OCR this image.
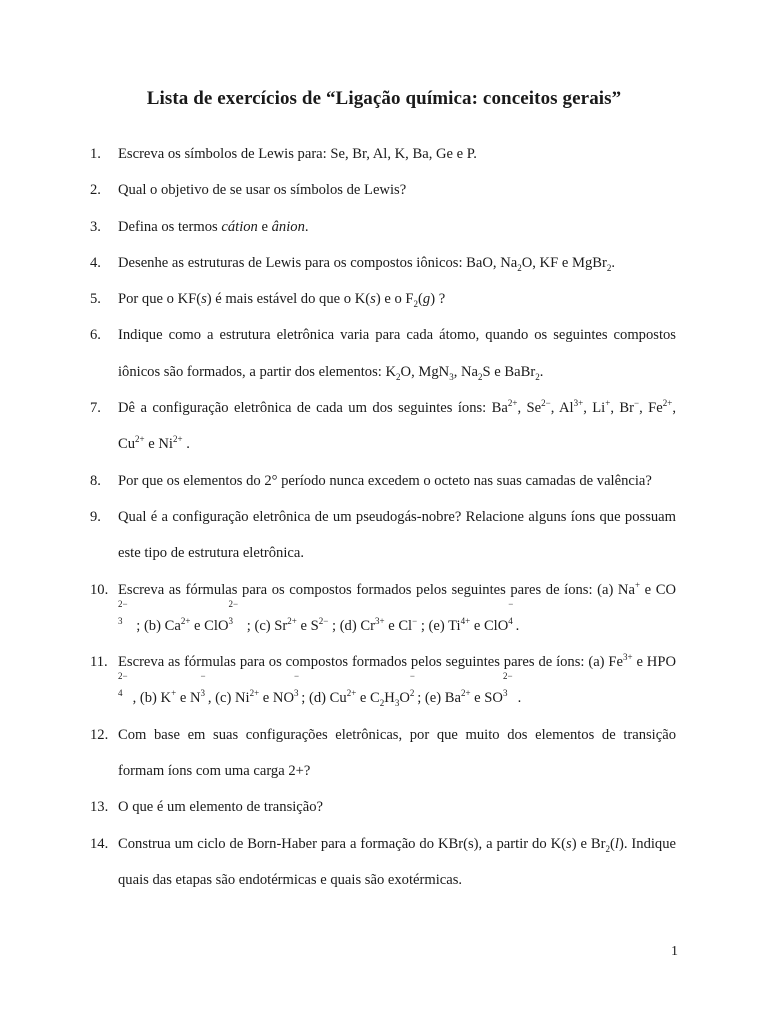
Lista de exercícios de “Ligação química: conceitos gerais”
1.	Escreva os símbolos de Lewis para: Se, Br, Al, K, Ba, Ge e P.
2.	Qual o objetivo de se usar os símbolos de Lewis?
3.	Defina os termos cátion e ânion.
4.	Desenhe as estruturas de Lewis para os compostos iônicos: BaO, $Na_2O$, KF e MgBr$_2$.
5.	Por que o KF(s) é mais estável do que o K(s) e o $F_2(g)$ ?
6.	Indique como a estrutura eletrônica varia para cada átomo, quando os seguintes compostos iônicos são formados, a partir dos elementos: $K_2O$, MgN$_3$, $Na_2S$ e BaBr$_2$.
7.	Dê a configuração eletrônica de cada um dos seguintes íons: $Ba^{2+}$, $Se^{2-}$, $Al^{3+}$, Li+, Br−, $Fe^{2+}$, $Cu^{2+}$ e $Ni^{2+}$ .
8.	Por que os elementos do 2° período nunca excedem o octeto nas suas camadas de valência?
9.	Qual é a configuração eletrônica de um pseudogás-nobre? Relacione alguns íons que possuam este tipo de estrutura eletrônica.
10. Escreva as fórmulas para os compostos formados pelos seguintes pares de íons: (a) Na+ e CO
2−
3
  ; (b) $Ca^{2+}$ e ClO
2−
3
  ; (c) $Sr^{2+}$ e $S^{2-}$ ; (d) $Cr^{3+}$ e Cl− ; (e) $Ti^{4+}$ e ClO
−
4
  .
11. Escreva as fórmulas para os compostos formados pelos seguintes pares de íons: (a) $Fe^{3+}$ e HPO
2−
4
  , (b) K+ e N
−
3
  , (c) $Ni^{2+}$ e NO
−
3
  ; (d) $Cu^{2+}$ e $C_2H_3O$
−
2
  ; (e) $Ba^{2+}$ e SO
2−
3
  .
12. Com base em suas configurações eletrônicas, por que muito dos elementos de transição formam íons com uma carga 2+?
13. O que é um elemento de transição?
14. Construa um ciclo de Born-Haber para a formação do KBr(s), a partir do K(s) e $Br_2(l)$. Indique quais das etapas são endotérmicas e quais são exotérmicas.
1
